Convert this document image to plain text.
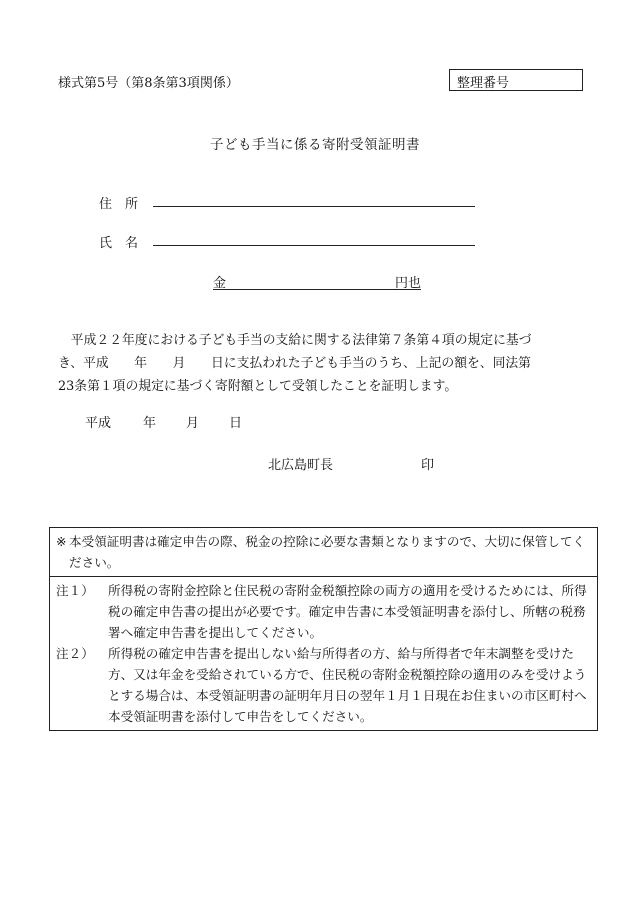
様式第5号（第8条第3項関係）	整理番号
子ども手当に係る寄附受領証明書
住　所
氏　名
金	円也

　平成２２年度における子ども手当の支給に関する法律第７条第４項の規定に基づ

き、平成　　年　　月　　日に支払われた子ども手当のうち、上記の額を、同法第

23条第１項の規定に基づく寄附額として受領したことを証明します。

平成 年 月 日
北広島町長	印
※ 本受領証明書は確定申告の際、税金の控除に必要な書類となりますので、大切に保管してください。
注１）	所得税の寄附金控除と住民税の寄附金税額控除の両方の適用を受けるためには、所得税の確定申告書の提出が必要です。確定申告書に本受領証明書を添付し、所轄の税務署へ確定申告書を提出してください。
注２）	所得税の確定申告書を提出しない給与所得者の方、給与所得者で年末調整を受けた方、又は年金を受給されている方で、住民税の寄附金税額控除の適用のみを受けようとする場合は、本受領証明書の証明年月日の翌年１月１日現在お住まいの市区町村へ本受領証明書を添付して申告をしてください。
